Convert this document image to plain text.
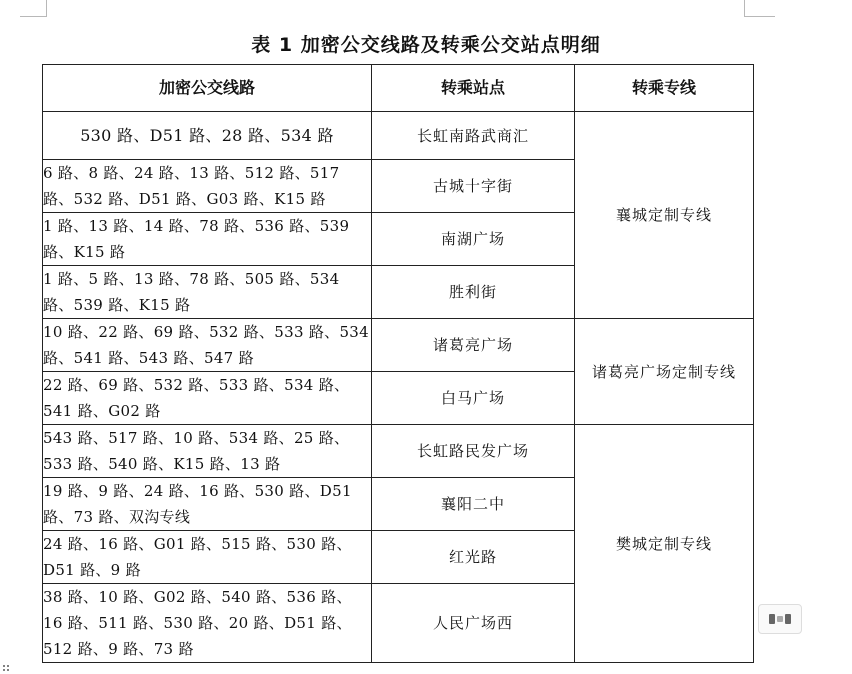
表 1 加密公交线路及转乘公交站点明细
加密公交线路	转乘站点	转乘专线
530 路、D51 路、28 路、534 路	长虹南路武商汇	襄城定制专线
6 路、8 路、24 路、13 路、512 路、517 路、532 路、D51 路、G03 路、K15 路	古城十字街	
1 路、13 路、14 路、78 路、536 路、539 路、K15 路	南湖广场	
1 路、5 路、13 路、78 路、505 路、534 路、539 路、K15 路	胜利街	
10 路、22 路、69 路、532 路、533 路、534 路、541 路、543 路、547 路	诸葛亮广场	诸葛亮广场定制专线
22 路、69 路、532 路、533 路、534 路、541 路、G02 路	白马广场	
543 路、517 路、10 路、534 路、25 路、533 路、540 路、K15 路、13 路	长虹路民发广场	樊城定制专线
19 路、9 路、24 路、16 路、530 路、D51 路、73 路、双沟专线	襄阳二中	
24 路、16 路、G01 路、515 路、530 路、D51 路、9 路	红光路	
38 路、10 路、G02 路、540 路、536 路、16 路、511 路、530 路、20 路、D51 路、512 路、9 路、73 路	人民广场西	
